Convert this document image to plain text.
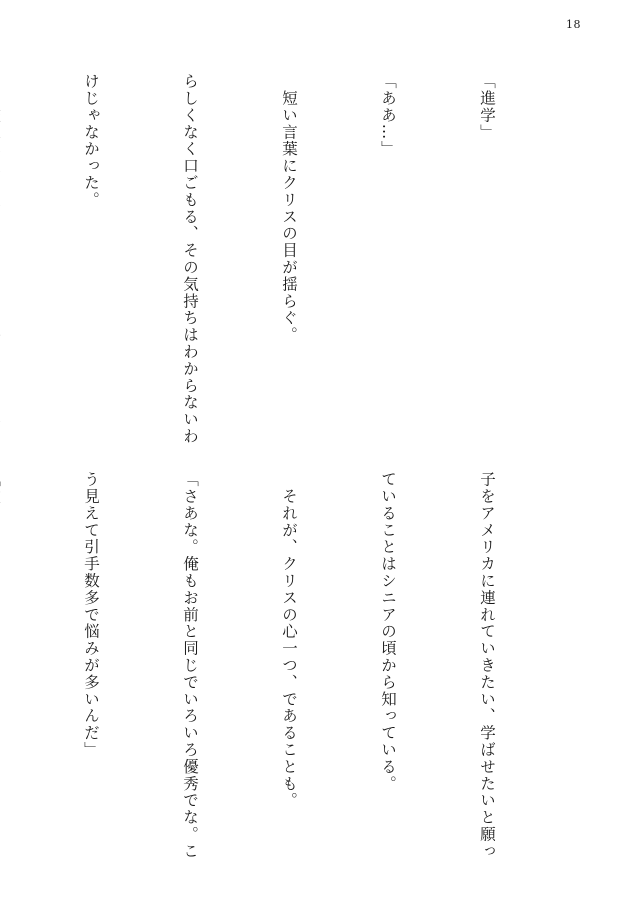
18

「進学」

「ああ…」

　短い言葉にクリスの目が揺らぐ。

らしくなく口ごもる、その気持ちはわからないわ

けじゃなかった。

子をアメリカに連れていきたい、学ばせたいと願っ

ていることはシニアの頃から知っている。

　それが、クリスの心一つ、であることも。

「さあな。俺もお前と同じでいろいろ優秀でな。こ

う見えて引手数多で悩みが多いんだ」
